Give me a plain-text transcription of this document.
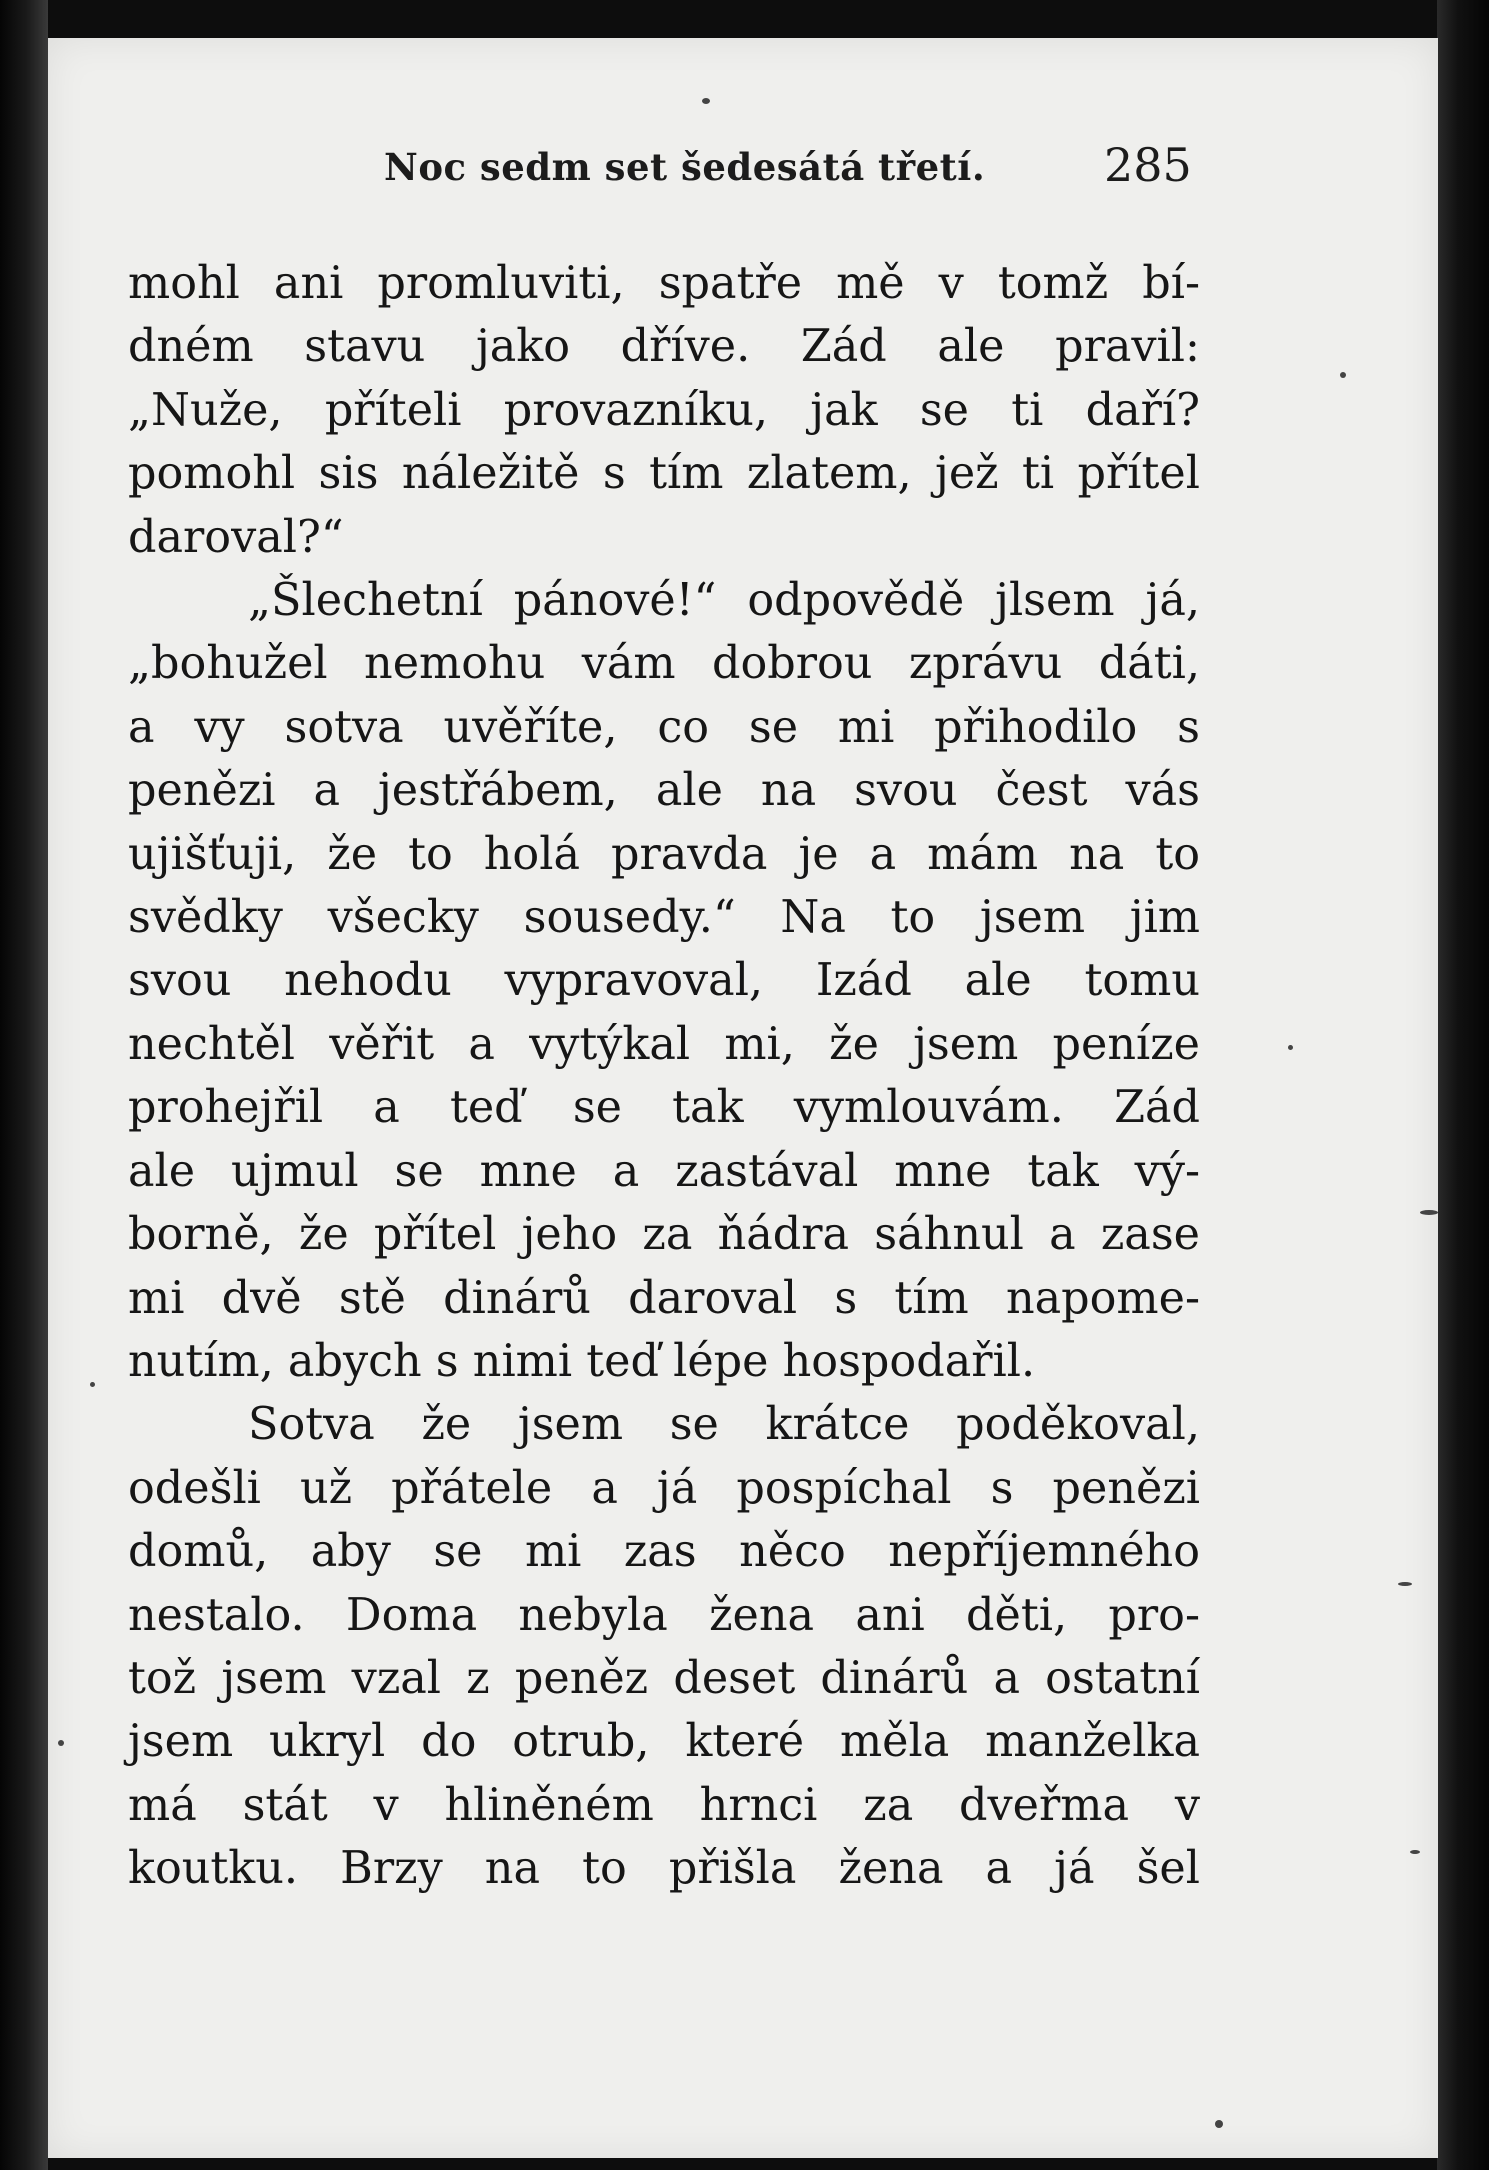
Noc sedm set šedesátá třetí.	285
mohl ani promluviti, spatře mě v tomž bí-
dném stavu jako dříve. Zád ale pravil:
„Nuže, příteli provazníku, jak se ti daří?
pomohl sis náležitě s tím zlatem, jež ti přítel
daroval?“
„Šlechetní pánové!“ odpovědě jlsem já,
„bohužel nemohu vám dobrou zprávu dáti,
a vy sotva uvěříte, co se mi přihodilo s
penězi a jestřábem, ale na svou čest vás
ujišťuji, že to holá pravda je a mám na to
svědky všecky sousedy.“ Na to jsem jim
svou nehodu vypravoval, Izád ale tomu
nechtěl věřit a vytýkal mi, že jsem peníze
prohejřil a teď se tak vymlouvám. Zád
ale ujmul se mne a zastával mne tak vý-
borně, že přítel jeho za ňádra sáhnul a zase
mi dvě stě dinárů daroval s tím napome-
nutím, abych s nimi teď lépe hospodařil.
Sotva že jsem se krátce poděkoval,
odešli už přátele a já pospíchal s penězi
domů, aby se mi zas něco nepříjemného
nestalo. Doma nebyla žena ani děti, pro-
tož jsem vzal z peněz deset dinárů a ostatní
jsem ukryl do otrub, které měla manželka
má stát v hliněném hrnci za dveřma v
koutku. Brzy na to přišla žena a já šel
